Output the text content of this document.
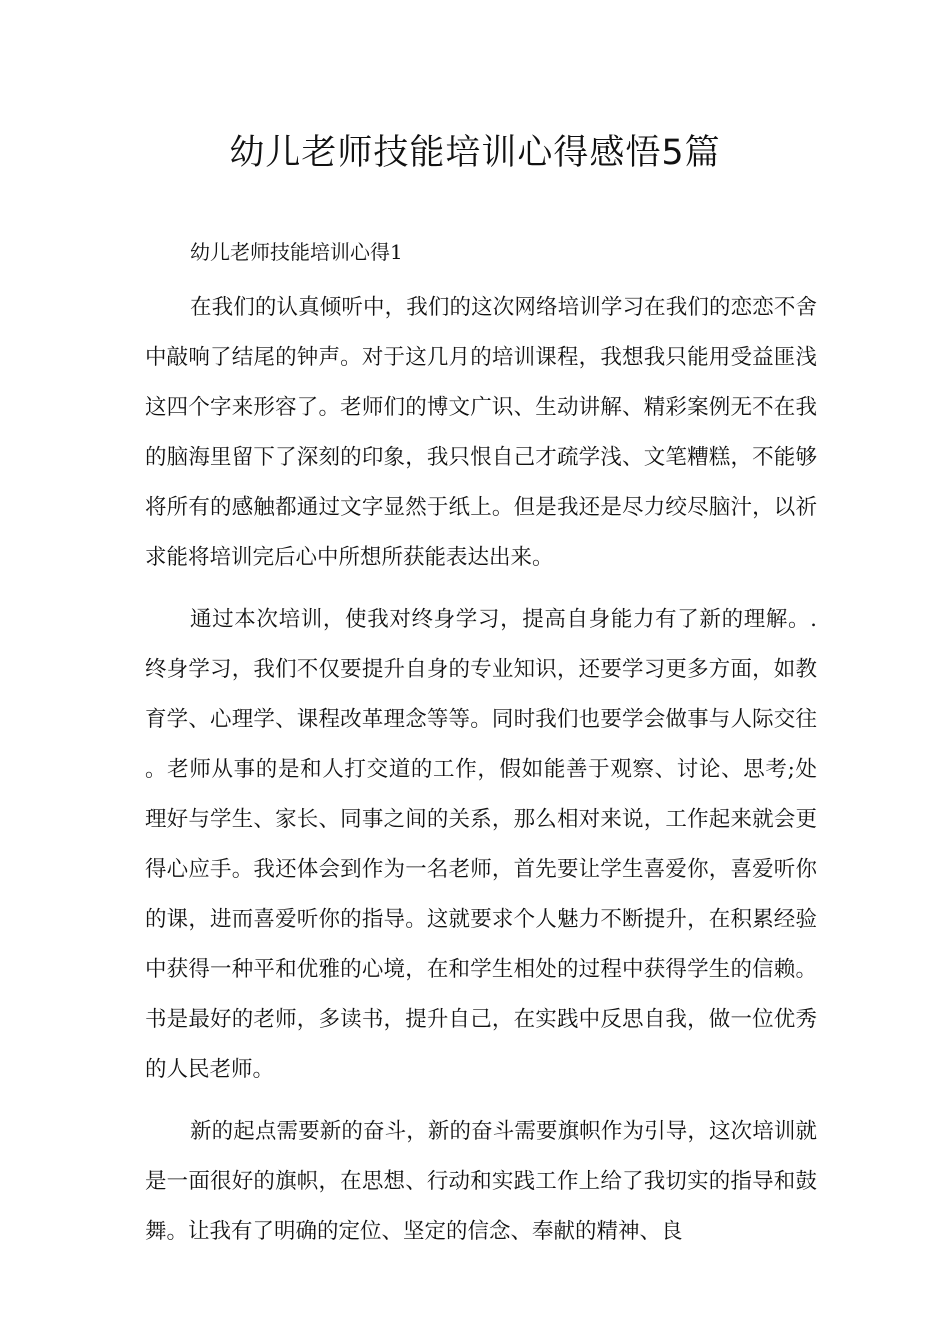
幼儿老师技能培训心得感悟5篇
幼儿老师技能培训心得1

在我们的认真倾听中，我们的这次网络培训学习在我们的恋恋不舍中敲响了结尾的钟声。对于这几月的培训课程，我想我只能用受益匪浅这四个字来形容了。老师们的博文广识、生动讲解、精彩案例无不在我的脑海里留下了深刻的印象，我只恨自己才疏学浅、文笔糟糕，不能够将所有的感触都通过文字显然于纸上。但是我还是尽力绞尽脑汁，以祈求能将培训完后心中所想所获能表达出来。

通过本次培训，使我对终身学习，提高自身能力有了新的理解。.终身学习，我们不仅要提升自身的专业知识，还要学习更多方面，如教育学、心理学、课程改革理念等等。同时我们也要学会做事与人际交往。老师从事的是和人打交道的工作，假如能善于观察、讨论、思考;处理好与学生、家长、同事之间的关系，那么相对来说，工作起来就会更得心应手。我还体会到作为一名老师，首先要让学生喜爱你，喜爱听你的课，进而喜爱听你的指导。这就要求个人魅力不断提升，在积累经验中获得一种平和优雅的心境，在和学生相处的过程中获得学生的信赖。书是最好的老师，多读书，提升自己，在实践中反思自我，做一位优秀的人民老师。

新的起点需要新的奋斗，新的奋斗需要旗帜作为引导，这次培训就是一面很好的旗帜，在思想、行动和实践工作上给了我切实的指导和鼓舞。让我有了明确的定位、坚定的信念、奉献的精神、良
